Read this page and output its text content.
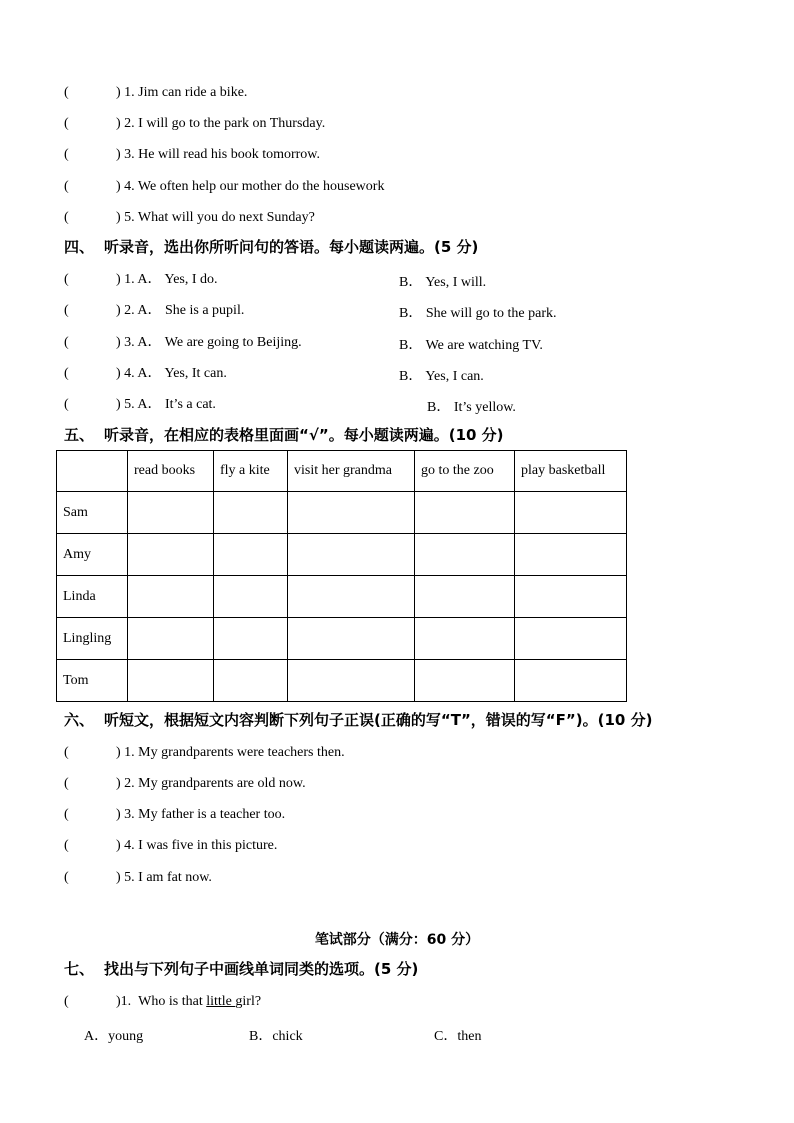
(	) 1. Jim can ride a bike.
(	) 2. I will go to the park on Thursday.
(	) 3. He will read his book tomorrow.
(	) 4. We often help our mother do the housework
(	) 5. What will you do next Sunday?
四、 听录音，选出你所听问句的答语。每小题读两遍。(5 分)
(	) 1. A． Yes, I do.	B． Yes, I will.
(	) 2. A． She is a pupil.	B． She will go to the park.
(	) 3. A． We are going to Beijing.	B． We are watching TV.
(	) 4. A． Yes, It can.	B． Yes, I can.
(	) 5. A． It’s a cat.	B． It’s yellow.
五、 听录音，在相应的表格里面画“√”。每小题读两遍。(10 分)
	read books	fly a kite	visit her grandma	go to the zoo	play basketball
Sam					
Amy					
Linda					
Lingling					
Tom					
六、 听短文，根据短文内容判断下列句子正误(正确的写“T”，错误的写“F”)。(10 分)
(	) 1. My grandparents were teachers then.
(	) 2. My grandparents are old now.
(	) 3. My father is a teacher too.
(	) 4. I was five in this picture.
(	) 5. I am fat now.
笔试部分（满分：60 分）
七、 找出与下列句子中画线单词同类的选项。(5 分)
(	)1. Who is that little girl?
A．young	B．chick	C．then
